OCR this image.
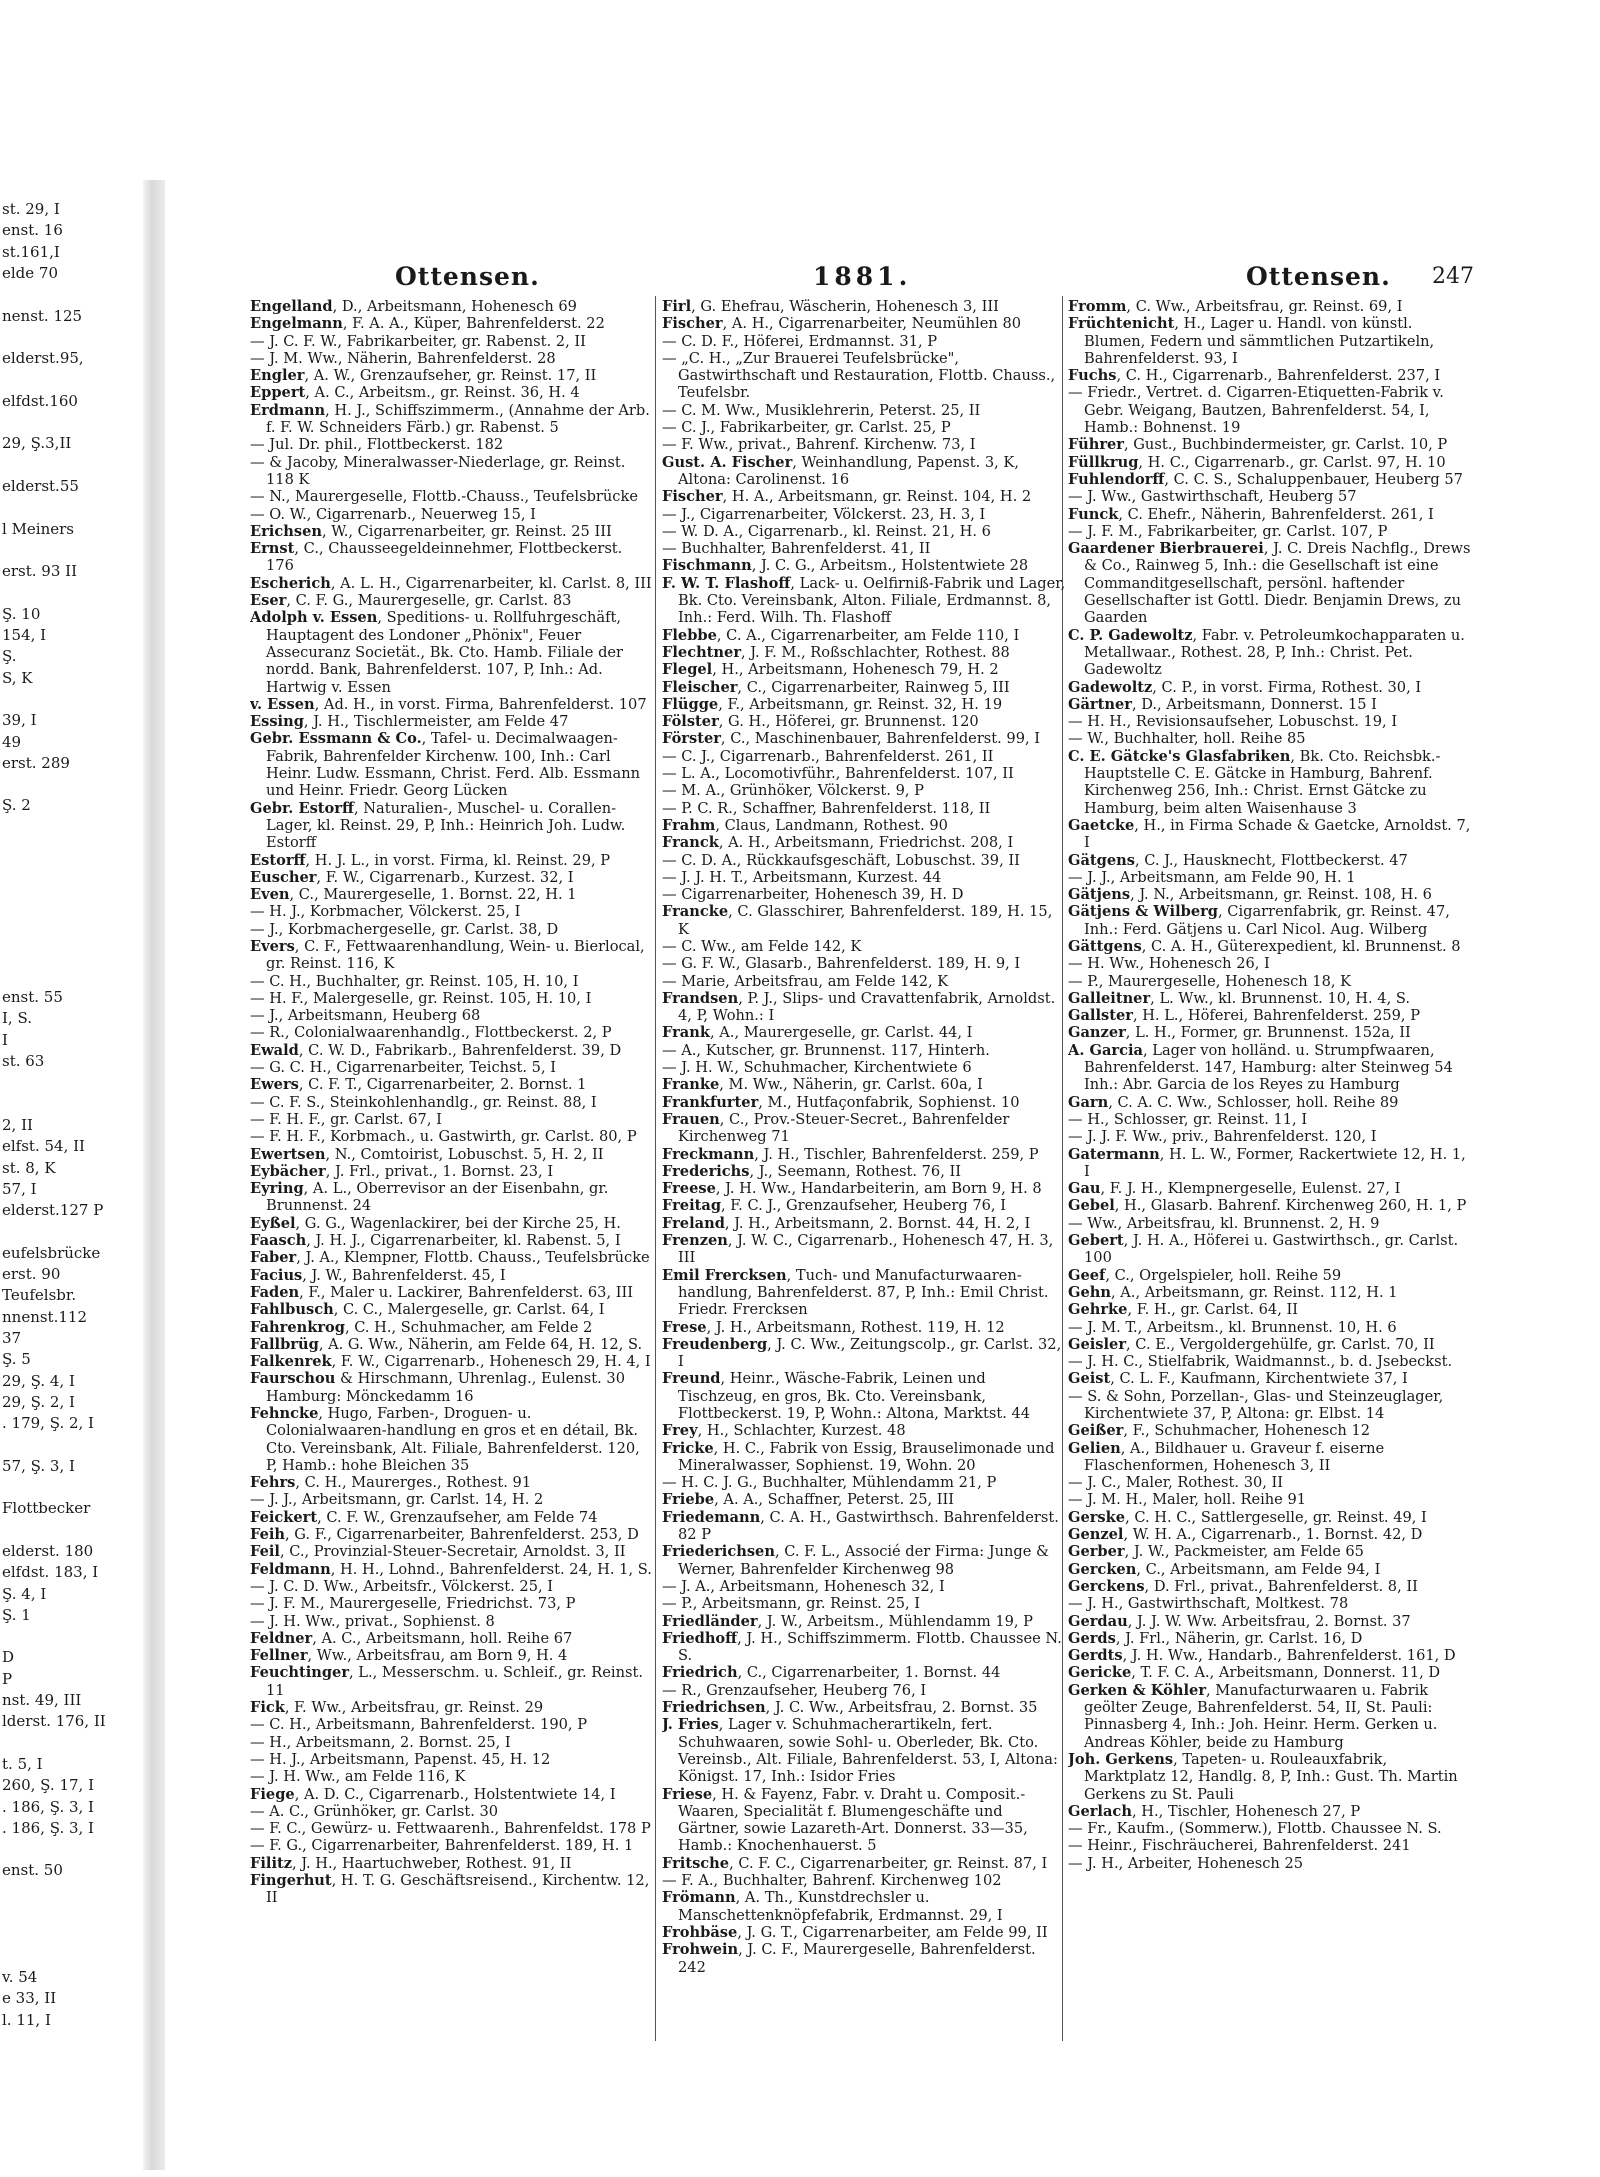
st. 29, I
enst. 16
st.161,I
elde 70
nenst. 125
elderst.95,
elfdst.160
29, Ş.3,II
elderst.55
l Meiners
erst. 93 II
Ş. 10
154, I
Ş.
S, K
39, I
49
erst. 289
Ş. 2
enst. 55
I, S.
I
st. 63
2, II
elfst. 54, II
st. 8, K
57, I
elderst.127 P
eufelsbrücke
erst. 90
Teufelsbr.
nnenst.112
37
Ş. 5
29, Ş. 4, I
29, Ş. 2, I
. 179, Ş. 2, I
57, Ş. 3, I
Flottbecker
elderst. 180
elfdst. 183, I
Ş. 4, I
Ş. 1
D
P
nst. 49, III
lderst. 176, II
t. 5, I
260, Ş. 17, I
. 186, Ş. 3, I
. 186, Ş. 3, I
enst. 50
v. 54
e 33, II
l. 11, I
Ottensen.	1881.	Ottensen. 247
Engelland, D., Arbeitsmann, Hohenesch 69
Engelmann, F. A. A., Küper, Bahrenfelderst. 22
— J. C. F. W., Fabrikarbeiter, gr. Rabenst. 2, II
— J. M. Ww., Näherin, Bahrenfelderst. 28
Engler, A. W., Grenzaufseher, gr. Reinst. 17, II
Eppert, A. C., Arbeitsm., gr. Reinst. 36, H. 4
Erdmann, H. J., Schiffszimmerm., (Annahme der Arb. f. F. W. Schneiders Färb.) gr. Rabenst. 5
— Jul. Dr. phil., Flottbeckerst. 182
— & Jacoby, Mineralwasser-Niederlage, gr. Reinst. 118 K
— N., Maurergeselle, Flottb.-Chauss., Teufelsbrücke
— O. W., Cigarrenarb., Neuerweg 15, I
Erichsen, W., Cigarrenarbeiter, gr. Reinst. 25 III
Ernst, C., Chausseegeldeinnehmer, Flottbeckerst. 176
Escherich, A. L. H., Cigarrenarbeiter, kl. Carlst. 8, III
Eser, C. F. G., Maurergeselle, gr. Carlst. 83
Adolph v. Essen, Speditions- u. Rollfuhrgeschäft, Hauptagent des Londoner „Phönix", Feuer Assecuranz Societät., Bk. Cto. Hamb. Filiale der nordd. Bank, Bahrenfelderst. 107, P, Inh.: Ad. Hartwig v. Essen
v. Essen, Ad. H., in vorst. Firma, Bahrenfelderst. 107
Essing, J. H., Tischlermeister, am Felde 47
Gebr. Essmann & Co., Tafel- u. Decimalwaagen-Fabrik, Bahrenfelder Kirchenw. 100, Inh.: Carl Heinr. Ludw. Essmann, Christ. Ferd. Alb. Essmann und Heinr. Friedr. Georg Lücken
Gebr. Estorff, Naturalien-, Muschel- u. Corallen-Lager, kl. Reinst. 29, P, Inh.: Heinrich Joh. Ludw. Estorff
Estorff, H. J. L., in vorst. Firma, kl. Reinst. 29, P
Euscher, F. W., Cigarrenarb., Kurzest. 32, I
Even, C., Maurergeselle, 1. Bornst. 22, H. 1
— H. J., Korbmacher, Völckerst. 25, I
— J., Korbmachergeselle, gr. Carlst. 38, D
Evers, C. F., Fettwaarenhandlung, Wein- u. Bierlocal, gr. Reinst. 116, K
— C. H., Buchhalter, gr. Reinst. 105, H. 10, I
— H. F., Malergeselle, gr. Reinst. 105, H. 10, I
— J., Arbeitsmann, Heuberg 68
— R., Colonialwaarenhandlg., Flottbeckerst. 2, P
Ewald, C. W. D., Fabrikarb., Bahrenfelderst. 39, D
— G. C. H., Cigarrenarbeiter, Teichst. 5, I
Ewers, C. F. T., Cigarrenarbeiter, 2. Bornst. 1
— C. F. S., Steinkohlenhandlg., gr. Reinst. 88, I
— F. H. F., gr. Carlst. 67, I
— F. H. F., Korbmach., u. Gastwirth, gr. Carlst. 80, P
Ewertsen, N., Comtoirist, Lobuschst. 5, H. 2, II
Eybächer, J. Frl., privat., 1. Bornst. 23, I
Eyring, A. L., Oberrevisor an der Eisenbahn, gr. Brunnenst. 24
Eyßel, G. G., Wagenlackirer, bei der Kirche 25, H.
Faasch, J. H. J., Cigarrenarbeiter, kl. Rabenst. 5, I
Faber, J. A., Klempner, Flottb. Chauss., Teufelsbrücke
Facius, J. W., Bahrenfelderst. 45, I
Faden, F., Maler u. Lackirer, Bahrenfelderst. 63, III
Fahlbusch, C. C., Malergeselle, gr. Carlst. 64, I
Fahrenkrog, C. H., Schuhmacher, am Felde 2
Fallbrüg, A. G. Ww., Näherin, am Felde 64, H. 12, S.
Falkenrek, F. W., Cigarrenarb., Hohenesch 29, H. 4, I
Faurschou & Hirschmann, Uhrenlag., Eulenst. 30 Hamburg: Mönckedamm 16
Fehncke, Hugo, Farben-, Droguen- u. Colonialwaaren-handlung en gros et en détail, Bk. Cto. Vereinsbank, Alt. Filiale, Bahrenfelderst. 120, P, Hamb.: hohe Bleichen 35
Fehrs, C. H., Maurerges., Rothest. 91
— J. J., Arbeitsmann, gr. Carlst. 14, H. 2
Feickert, C. F. W., Grenzaufseher, am Felde 74
Feih, G. F., Cigarrenarbeiter, Bahrenfelderst. 253, D
Feil, C., Provinzial-Steuer-Secretair, Arnoldst. 3, II
Feldmann, H. H., Lohnd., Bahrenfelderst. 24, H. 1, S.
— J. C. D. Ww., Arbeitsfr., Völckerst. 25, I
— J. F. M., Maurergeselle, Friedrichst. 73, P
— J. H. Ww., privat., Sophienst. 8
Feldner, A. C., Arbeitsmann, holl. Reihe 67
Fellner, Ww., Arbeitsfrau, am Born 9, H. 4
Feuchtinger, L., Messerschm. u. Schleif., gr. Reinst. 11
Fick, F. Ww., Arbeitsfrau, gr. Reinst. 29
— C. H., Arbeitsmann, Bahrenfelderst. 190, P
— H., Arbeitsmann, 2. Bornst. 25, I
— H. J., Arbeitsmann, Papenst. 45, H. 12
— J. H. Ww., am Felde 116, K
Fiege, A. D. C., Cigarrenarb., Holstentwiete 14, I
— A. C., Grünhöker, gr. Carlst. 30
— F. C., Gewürz- u. Fettwaarenh., Bahrenfeldst. 178 P
— F. G., Cigarrenarbeiter, Bahrenfelderst. 189, H. 1
Filitz, J. H., Haartuchweber, Rothest. 91, II
Fingerhut, H. T. G. Geschäftsreisend., Kirchentw. 12, II
Firl, G. Ehefrau, Wäscherin, Hohenesch 3, III
Fischer, A. H., Cigarrenarbeiter, Neumühlen 80
— C. D. F., Höferei, Erdmannst. 31, P
— „C. H., „Zur Brauerei Teufelsbrücke", Gastwirthschaft und Restauration, Flottb. Chauss., Teufelsbr.
— C. M. Ww., Musiklehrerin, Peterst. 25, II
— C. J., Fabrikarbeiter, gr. Carlst. 25, P
— F. Ww., privat., Bahrenf. Kirchenw. 73, I
Gust. A. Fischer, Weinhandlung, Papenst. 3, K, Altona: Carolinenst. 16
Fischer, H. A., Arbeitsmann, gr. Reinst. 104, H. 2
— J., Cigarrenarbeiter, Völckerst. 23, H. 3, I
— W. D. A., Cigarrenarb., kl. Reinst. 21, H. 6
— Buchhalter, Bahrenfelderst. 41, II
Fischmann, J. C. G., Arbeitsm., Holstentwiete 28
F. W. T. Flashoff, Lack- u. Oelfirniß-Fabrik und Lager, Bk. Cto. Vereinsbank, Alton. Filiale, Erdmannst. 8, Inh.: Ferd. Wilh. Th. Flashoff
Flebbe, C. A., Cigarrenarbeiter, am Felde 110, I
Flechtner, J. F. M., Roßschlachter, Rothest. 88
Flegel, H., Arbeitsmann, Hohenesch 79, H. 2
Fleischer, C., Cigarrenarbeiter, Rainweg 5, III
Flügge, F., Arbeitsmann, gr. Reinst. 32, H. 19
Fölster, G. H., Höferei, gr. Brunnenst. 120
Förster, C., Maschinenbauer, Bahrenfelderst. 99, I
— C. J., Cigarrenarb., Bahrenfelderst. 261, II
— L. A., Locomotivführ., Bahrenfelderst. 107, II
— M. A., Grünhöker, Völckerst. 9, P
— P. C. R., Schaffner, Bahrenfelderst. 118, II
Frahm, Claus, Landmann, Rothest. 90
Franck, A. H., Arbeitsmann, Friedrichst. 208, I
— C. D. A., Rückkaufsgeschäft, Lobuschst. 39, II
— J. J. H. T., Arbeitsmann, Kurzest. 44
— Cigarrenarbeiter, Hohenesch 39, H. D
Francke, C. Glasschirer, Bahrenfelderst. 189, H. 15, K
— C. Ww., am Felde 142, K
— G. F. W., Glasarb., Bahrenfelderst. 189, H. 9, I
— Marie, Arbeitsfrau, am Felde 142, K
Frandsen, P. J., Slips- und Cravattenfabrik, Arnoldst. 4, P, Wohn.: I
Frank, A., Maurergeselle, gr. Carlst. 44, I
— A., Kutscher, gr. Brunnenst. 117, Hinterh.
— J. H. W., Schuhmacher, Kirchentwiete 6
Franke, M. Ww., Näherin, gr. Carlst. 60a, I
Frankfurter, M., Hutfaçonfabrik, Sophienst. 10
Frauen, C., Prov.-Steuer-Secret., Bahrenfelder Kirchenweg 71
Freckmann, J. H., Tischler, Bahrenfelderst. 259, P
Frederichs, J., Seemann, Rothest. 76, II
Freese, J. H. Ww., Handarbeiterin, am Born 9, H. 8
Freitag, F. C. J., Grenzaufseher, Heuberg 76, I
Freland, J. H., Arbeitsmann, 2. Bornst. 44, H. 2, I
Frenzen, J. W. C., Cigarrenarb., Hohenesch 47, H. 3, III
Emil Frercksen, Tuch- und Manufacturwaaren-handlung, Bahrenfelderst. 87, P, Inh.: Emil Christ. Friedr. Frercksen
Frese, J. H., Arbeitsmann, Rothest. 119, H. 12
Freudenberg, J. C. Ww., Zeitungscolp., gr. Carlst. 32, I
Freund, Heinr., Wäsche-Fabrik, Leinen und Tischzeug, en gros, Bk. Cto. Vereinsbank, Flottbeckerst. 19, P, Wohn.: Altona, Marktst. 44
Frey, H., Schlachter, Kurzest. 48
Fricke, H. C., Fabrik von Essig, Brauselimonade und Mineralwasser, Sophienst. 19, Wohn. 20
— H. C. J. G., Buchhalter, Mühlendamm 21, P
Friebe, A. A., Schaffner, Peterst. 25, III
Friedemann, C. A. H., Gastwirthsch. Bahrenfelderst. 82 P
Friederichsen, C. F. L., Associé der Firma: Junge & Werner, Bahrenfelder Kirchenweg 98
— J. A., Arbeitsmann, Hohenesch 32, I
— P., Arbeitsmann, gr. Reinst. 25, I
Friedländer, J. W., Arbeitsm., Mühlendamm 19, P
Friedhoff, J. H., Schiffszimmerm. Flottb. Chaussee N. S.
Friedrich, C., Cigarrenarbeiter, 1. Bornst. 44
— R., Grenzaufseher, Heuberg 76, I
Friedrichsen, J. C. Ww., Arbeitsfrau, 2. Bornst. 35
J. Fries, Lager v. Schuhmacherartikeln, fert. Schuhwaaren, sowie Sohl- u. Oberleder, Bk. Cto. Vereinsb., Alt. Filiale, Bahrenfelderst. 53, I, Altona: Königst. 17, Inh.: Isidor Fries
Friese, H. & Fayenz, Fabr. v. Draht u. Composit.-Waaren, Specialität f. Blumengeschäfte und Gärtner, sowie Lazareth-Art. Donnerst. 33—35, Hamb.: Knochenhauerst. 5
Fritsche, C. F. C., Cigarrenarbeiter, gr. Reinst. 87, I
— F. A., Buchhalter, Bahrenf. Kirchenweg 102
Frömann, A. Th., Kunstdrechsler u. Manschettenknöpfefabrik, Erdmannst. 29, I
Frohbäse, J. G. T., Cigarrenarbeiter, am Felde 99, II
Frohwein, J. C. F., Maurergeselle, Bahrenfelderst. 242
Fromm, C. Ww., Arbeitsfrau, gr. Reinst. 69, I
Früchtenicht, H., Lager u. Handl. von künstl. Blumen, Federn und sämmtlichen Putzartikeln, Bahrenfelderst. 93, I
Fuchs, C. H., Cigarrenarb., Bahrenfelderst. 237, I
— Friedr., Vertret. d. Cigarren-Etiquetten-Fabrik v. Gebr. Weigang, Bautzen, Bahrenfelderst. 54, I, Hamb.: Bohnenst. 19
Führer, Gust., Buchbindermeister, gr. Carlst. 10, P
Füllkrug, H. C., Cigarrenarb., gr. Carlst. 97, H. 10
Fuhlendorff, C. C. S., Schaluppenbauer, Heuberg 57
— J. Ww., Gastwirthschaft, Heuberg 57
Funck, C. Ehefr., Näherin, Bahrenfelderst. 261, I
— J. F. M., Fabrikarbeiter, gr. Carlst. 107, P
Gaardener Bierbrauerei, J. C. Dreis Nachflg., Drews & Co., Rainweg 5, Inh.: die Gesellschaft ist eine Commanditgesellschaft, persönl. haftender Gesellschafter ist Gottl. Diedr. Benjamin Drews, zu Gaarden
C. P. Gadewoltz, Fabr. v. Petroleumkochapparaten u. Metallwaar., Rothest. 28, P, Inh.: Christ. Pet. Gadewoltz
Gadewoltz, C. P., in vorst. Firma, Rothest. 30, I
Gärtner, D., Arbeitsmann, Donnerst. 15 I
— H. H., Revisionsaufseher, Lobuschst. 19, I
— W., Buchhalter, holl. Reihe 85
C. E. Gätcke's Glasfabriken, Bk. Cto. Reichsbk.-Hauptstelle C. E. Gätcke in Hamburg, Bahrenf. Kirchenweg 256, Inh.: Christ. Ernst Gätcke zu Hamburg, beim alten Waisenhause 3
Gaetcke, H., in Firma Schade & Gaetcke, Arnoldst. 7, I
Gätgens, C. J., Hausknecht, Flottbeckerst. 47
— J. J., Arbeitsmann, am Felde 90, H. 1
Gätjens, J. N., Arbeitsmann, gr. Reinst. 108, H. 6
Gätjens & Wilberg, Cigarrenfabrik, gr. Reinst. 47, Inh.: Ferd. Gätjens u. Carl Nicol. Aug. Wilberg
Gättgens, C. A. H., Güterexpedient, kl. Brunnenst. 8
— H. Ww., Hohenesch 26, I
— P., Maurergeselle, Hohenesch 18, K
Galleitner, L. Ww., kl. Brunnenst. 10, H. 4, S.
Gallster, H. L., Höferei, Bahrenfelderst. 259, P
Ganzer, L. H., Former, gr. Brunnenst. 152a, II
A. Garcia, Lager von holländ. u. Strumpfwaaren, Bahrenfelderst. 147, Hamburg: alter Steinweg 54 Inh.: Abr. Garcia de los Reyes zu Hamburg
Garn, C. A. C. Ww., Schlosser, holl. Reihe 89
— H., Schlosser, gr. Reinst. 11, I
— J. J. F. Ww., priv., Bahrenfelderst. 120, I
Gatermann, H. L. W., Former, Rackertwiete 12, H. 1, I
Gau, F. J. H., Klempnergeselle, Eulenst. 27, I
Gebel, H., Glasarb. Bahrenf. Kirchenweg 260, H. 1, P
— Ww., Arbeitsfrau, kl. Brunnenst. 2, H. 9
Gebert, J. H. A., Höferei u. Gastwirthsch., gr. Carlst. 100
Geef, C., Orgelspieler, holl. Reihe 59
Gehn, A., Arbeitsmann, gr. Reinst. 112, H. 1
Gehrke, F. H., gr. Carlst. 64, II
— J. M. T., Arbeitsm., kl. Brunnenst. 10, H. 6
Geisler, C. E., Vergoldergehülfe, gr. Carlst. 70, II
— J. H. C., Stielfabrik, Waidmannst., b. d. Jsebeckst.
Geist, C. L. F., Kaufmann, Kirchentwiete 37, I
— S. & Sohn, Porzellan-, Glas- und Steinzeuglager, Kirchentwiete 37, P, Altona: gr. Elbst. 14
Geißer, F., Schuhmacher, Hohenesch 12
Gelien, A., Bildhauer u. Graveur f. eiserne Flaschenformen, Hohenesch 3, II
— J. C., Maler, Rothest. 30, II
— J. M. H., Maler, holl. Reihe 91
Gerske, C. H. C., Sattlergeselle, gr. Reinst. 49, I
Genzel, W. H. A., Cigarrenarb., 1. Bornst. 42, D
Gerber, J. W., Packmeister, am Felde 65
Gercken, C., Arbeitsmann, am Felde 94, I
Gerckens, D. Frl., privat., Bahrenfelderst. 8, II
— J. H., Gastwirthschaft, Moltkest. 78
Gerdau, J. J. W. Ww. Arbeitsfrau, 2. Bornst. 37
Gerds, J. Frl., Näherin, gr. Carlst. 16, D
Gerdts, J. H. Ww., Handarb., Bahrenfelderst. 161, D
Gericke, T. F. C. A., Arbeitsmann, Donnerst. 11, D
Gerken & Köhler, Manufacturwaaren u. Fabrik geölter Zeuge, Bahrenfelderst. 54, II, St. Pauli: Pinnasberg 4, Inh.: Joh. Heinr. Herm. Gerken u. Andreas Köhler, beide zu Hamburg
Joh. Gerkens, Tapeten- u. Rouleauxfabrik, Marktplatz 12, Handlg. 8, P, Inh.: Gust. Th. Martin Gerkens zu St. Pauli
Gerlach, H., Tischler, Hohenesch 27, P
— Fr., Kaufm., (Sommerw.), Flottb. Chaussee N. S.
— Heinr., Fischräucherei, Bahrenfelderst. 241
— J. H., Arbeiter, Hohenesch 25
